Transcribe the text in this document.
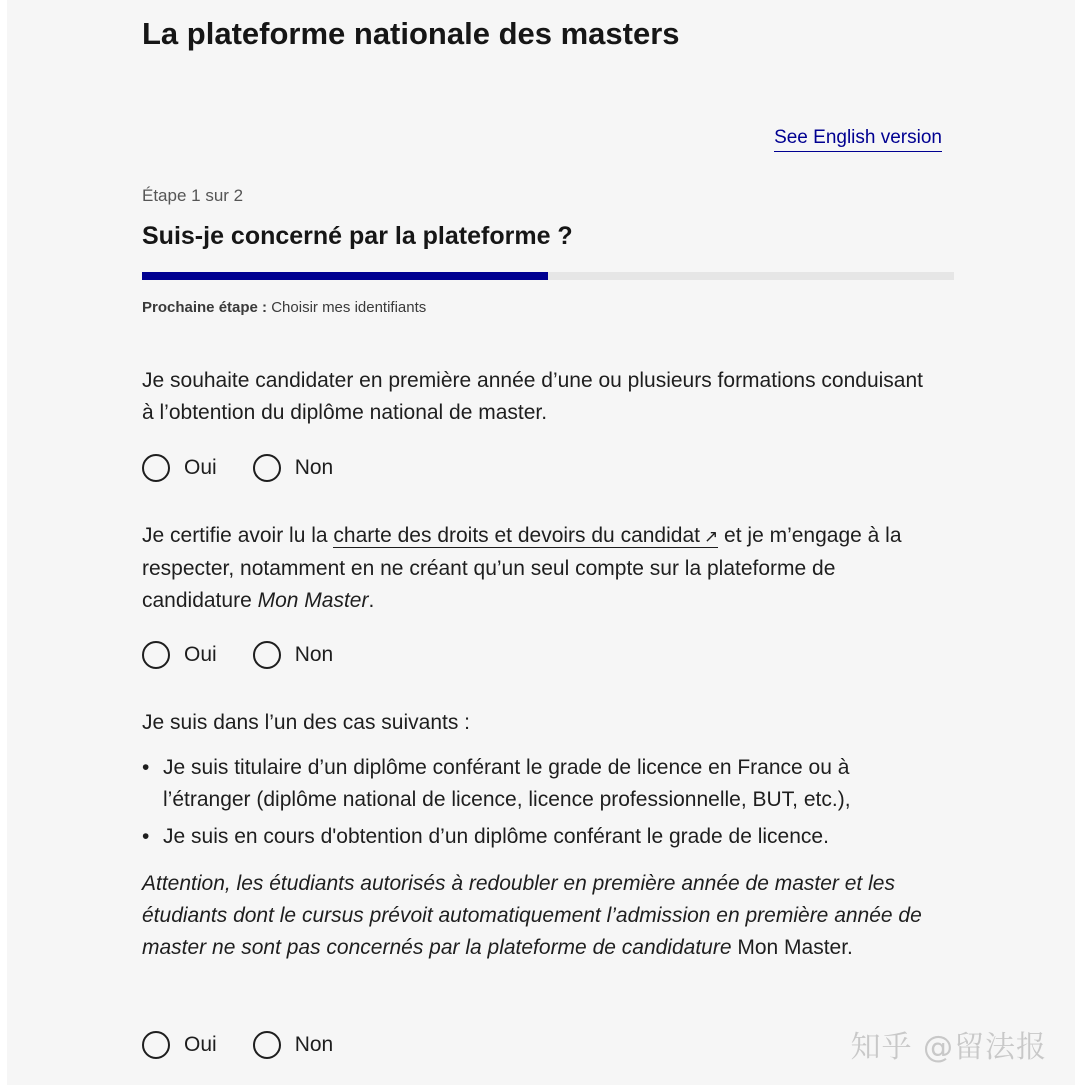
La plateforme nationale des masters
See English version
Étape 1 sur 2
Suis-je concerné par la plateforme ?
Prochaine étape : Choisir mes identifiants

Je souhaite candidater en première année d’une ou plusieurs formations conduisant à l’obtention du diplôme national de master.

Oui	Non

Je certifie avoir lu la charte des droits et devoirs du candidat ↗ et je m’engage à la respecter, notamment en ne créant qu’un seul compte sur la plateforme de candidature Mon Master.

Oui	Non

Je suis dans l’un des cas suivants :

• Je suis titulaire d’un diplôme conférant le grade de licence en France ou à l’étranger (diplôme national de licence, licence professionnelle, BUT, etc.),
• Je suis en cours d'obtention d’un diplôme conférant le grade de licence.

Attention, les étudiants autorisés à redoubler en première année de master et les étudiants dont le cursus prévoit automatiquement l’admission en première année de master ne sont pas concernés par la plateforme de candidature Mon Master.

Oui	Non	知乎 @留法报
